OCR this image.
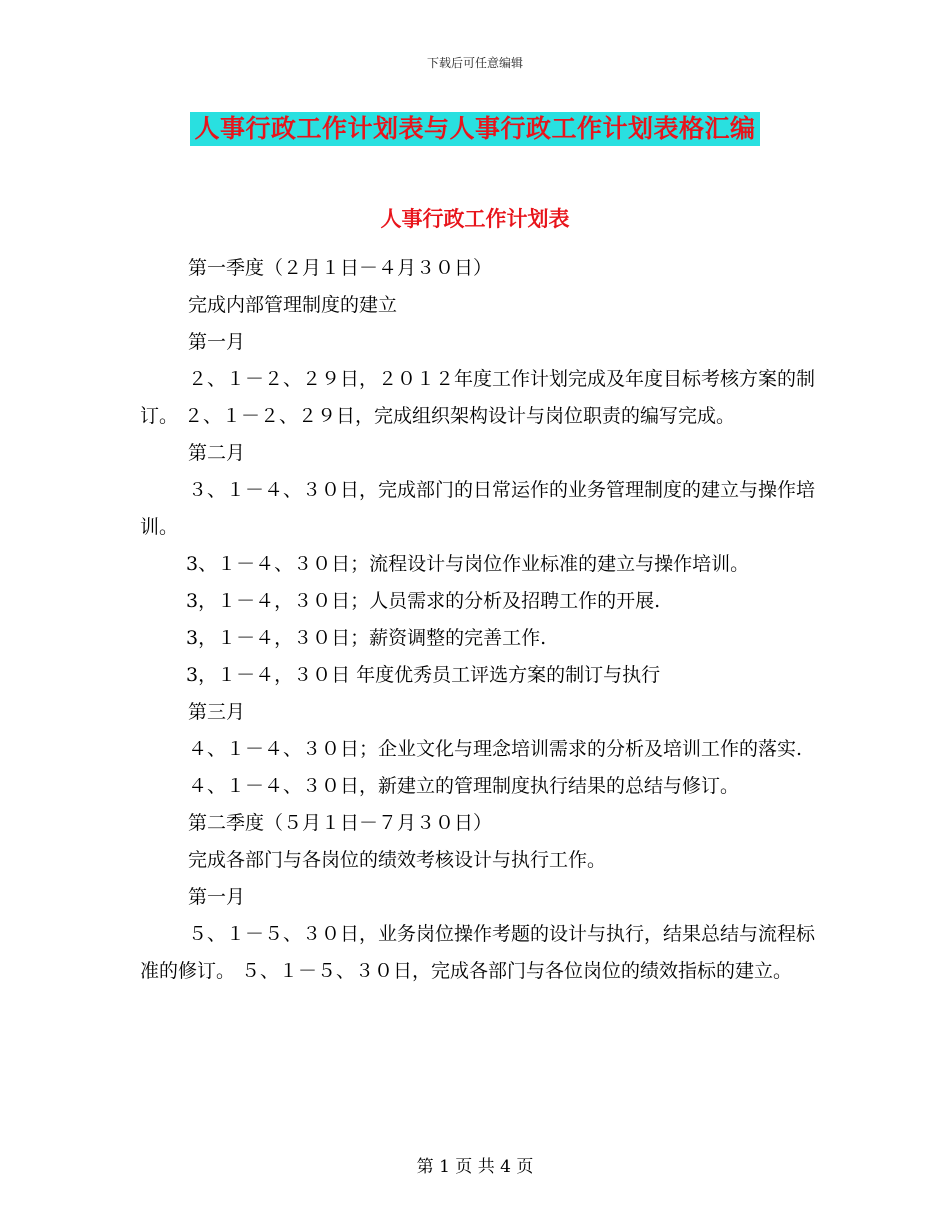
下载后可任意编辑
人事行政工作计划表与人事行政工作计划表格汇编
人事行政工作计划表

第一季度（２月１日－４月３０日）

完成内部管理制度的建立

第一月

２、１－２、２９日，２０１２年度工作计划完成及年度目标考核方案的制订。 ２、１－２、２９日，完成组织架构设计与岗位职责的编写完成。

第二月

３、１－４、３０日，完成部门的日常运作的业务管理制度的建立与操作培训。

3、１－４、３０日；流程设计与岗位作业标准的建立与操作培训。

3，１－４，３０日；人员需求的分析及招聘工作的开展.

3，１－４，３０日；薪资调整的完善工作.

3，１－４，３０日 年度优秀员工评选方案的制订与执行

第三月

４、１－４、３０日；企业文化与理念培训需求的分析及培训工作的落实.

４、１－４、３０日，新建立的管理制度执行结果的总结与修订。

第二季度（５月１日－７月３０日）

完成各部门与各岗位的绩效考核设计与执行工作。

第一月

５、１－５、３０日，业务岗位操作考题的设计与执行，结果总结与流程标准的修订。 ５、１－５、３０日，完成各部门与各位岗位的绩效指标的建立。

第 1 页 共 4 页
